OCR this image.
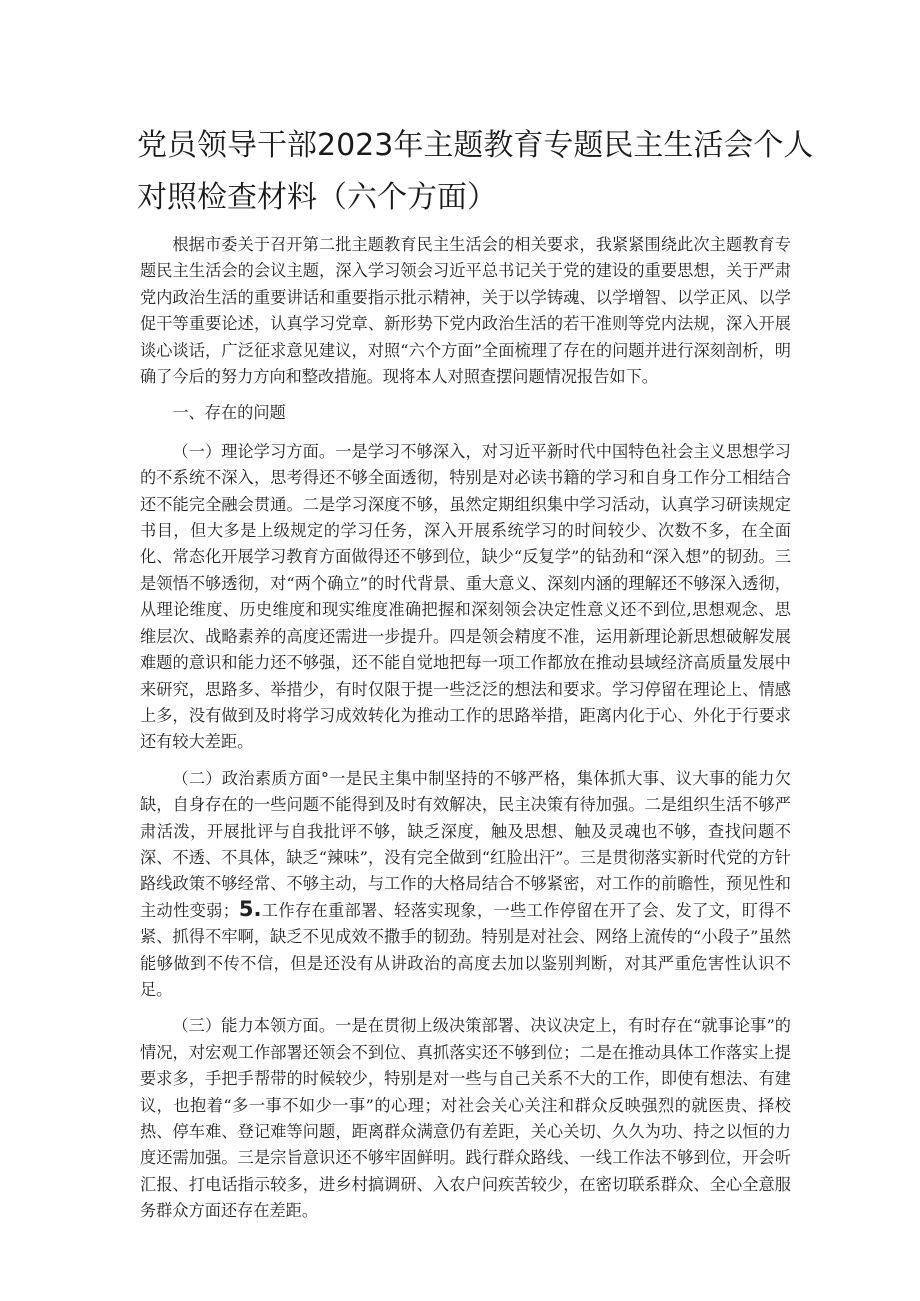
党员领导干部2023年主题教育专题民主生活会个人
对照检查材料（六个方面）

根据市委关于召开第二批主题教育民主生活会的相关要求，我紧紧围绕此次主题教育专题民主生活会的会议主题，深入学习领会习近平总书记关于党的建设的重要思想，关于严肃党内政治生活的重要讲话和重要指示批示精神，关于以学铸魂、以学增智、以学正风、以学促干等重要论述，认真学习党章、新形势下党内政治生活的若干准则等党内法规，深入开展谈心谈话，广泛征求意见建议，对照“六个方面”全面梳理了存在的问题并进行深刻剖析，明确了今后的努力方向和整改措施。现将本人对照查摆问题情况报告如下。

一、存在的问题

（一）理论学习方面。一是学习不够深入，对习近平新时代中国特色社会主义思想学习的不系统不深入，思考得还不够全面透彻，特别是对必读书籍的学习和自身工作分工相结合还不能完全融会贯通。二是学习深度不够，虽然定期组织集中学习活动，认真学习研读规定书目，但大多是上级规定的学习任务，深入开展系统学习的时间较少、次数不多，在全面化、常态化开展学习教育方面做得还不够到位，缺少“反复学”的钻劲和“深入想”的韧劲。三是领悟不够透彻，对“两个确立”的时代背景、重大意义、深刻内涵的理解还不够深入透彻，从理论维度、历史维度和现实维度准确把握和深刻领会决定性意义还不到位,思想观念、思维层次、战略素养的高度还需进一步提升。四是领会精度不准，运用新理论新思想破解发展难题的意识和能力还不够强，还不能自觉地把每一项工作都放在推动县域经济高质量发展中来研究，思路多、举措少，有时仅限于提一些泛泛的想法和要求。学习停留在理论上、情感上多，没有做到及时将学习成效转化为推动工作的思路举措，距离内化于心、外化于行要求还有较大差距。

（二）政治素质方面°一是民主集中制坚持的不够严格，集体抓大事、议大事的能力欠缺，自身存在的一些问题不能得到及时有效解决，民主决策有待加强。二是组织生活不够严肃活泼，开展批评与自我批评不够，缺乏深度，触及思想、触及灵魂也不够，查找问题不深、不透、不具体，缺乏“辣味”，没有完全做到“红脸出汗”。三是贯彻落实新时代党的方针路线政策不够经常、不够主动，与工作的大格局结合不够紧密，对工作的前瞻性，预见性和主动性变弱；5.工作存在重部署、轻落实现象，一些工作停留在开了会、发了文，盯得不紧、抓得不牢啊，缺乏不见成效不撒手的韧劲。特别是对社会、网络上流传的“小段子”虽然能够做到不传不信，但是还没有从讲政治的高度去加以鉴别判断，对其严重危害性认识不足。

（三）能力本领方面。一是在贯彻上级决策部署、决议决定上，有时存在“就事论事”的情况，对宏观工作部署还领会不到位、真抓落实还不够到位；二是在推动具体工作落实上提要求多，手把手帮带的时候较少，特别是对一些与自己关系不大的工作，即使有想法、有建议，也抱着“多一事不如少一事”的心理；对社会关心关注和群众反映强烈的就医贵、择校热、停车难、登记难等问题，距离群众满意仍有差距，关心关切、久久为功、持之以恒的力度还需加强。三是宗旨意识还不够牢固鲜明。践行群众路线、一线工作法不够到位，开会听汇报、打电话指示较多，进乡村搞调研、入农户问疾苦较少，在密切联系群众、全心全意服务群众方面还存在差距。
